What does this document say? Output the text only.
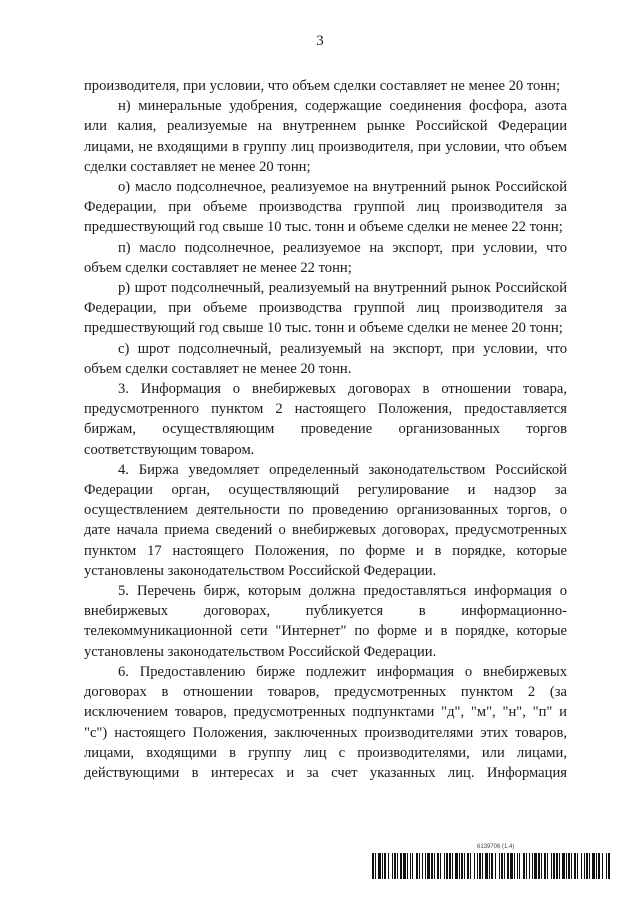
3

производителя, при условии, что объем сделки составляет не менее 20 тонн;

н) минеральные удобрения, содержащие соединения фосфора, азота или калия, реализуемые на внутреннем рынке Российской Федерации лицами, не входящими в группу лиц производителя, при условии, что объем сделки составляет не менее 20 тонн;

о) масло подсолнечное, реализуемое на внутренний рынок Российской Федерации, при объеме производства группой лиц производителя за предшествующий год свыше 10 тыс. тонн и объеме сделки не менее 22 тонн;

п) масло подсолнечное, реализуемое на экспорт, при условии, что объем сделки составляет не менее 22 тонн;

р) шрот подсолнечный, реализуемый на внутренний рынок Российской Федерации, при объеме производства группой лиц производителя за предшествующий год свыше 10 тыс. тонн и объеме сделки не менее 20 тонн;

с) шрот подсолнечный, реализуемый на экспорт, при условии, что объем сделки составляет не менее 20 тонн.

3. Информация о внебиржевых договорах в отношении товара, предусмотренного пунктом 2 настоящего Положения, предоставляется биржам, осуществляющим проведение организованных торгов соответствующим товаром.

4. Биржа уведомляет определенный законодательством Российской Федерации орган, осуществляющий регулирование и надзор за осуществлением деятельности по проведению организованных торгов, о дате начала приема сведений о внебиржевых договорах, предусмотренных пунктом 17 настоящего Положения, по форме и в порядке, которые установлены законодательством Российской Федерации.

5. Перечень бирж, которым должна предоставляться информация о внебиржевых договорах, публикуется в информационно-телекоммуникационной сети "Интернет" по форме и в порядке, которые установлены законодательством Российской Федерации.

6. Предоставлению бирже подлежит информация о внебиржевых договорах в отношении товаров, предусмотренных пунктом 2 (за исключением товаров, предусмотренных подпунктами "д", "м", "н", "п" и "с") настоящего Положения, заключенных производителями этих товаров, лицами, входящими в группу лиц с производителями, или лицами, действующими в интересах и за счет указанных лиц. Информация

6139706 (1.4)
